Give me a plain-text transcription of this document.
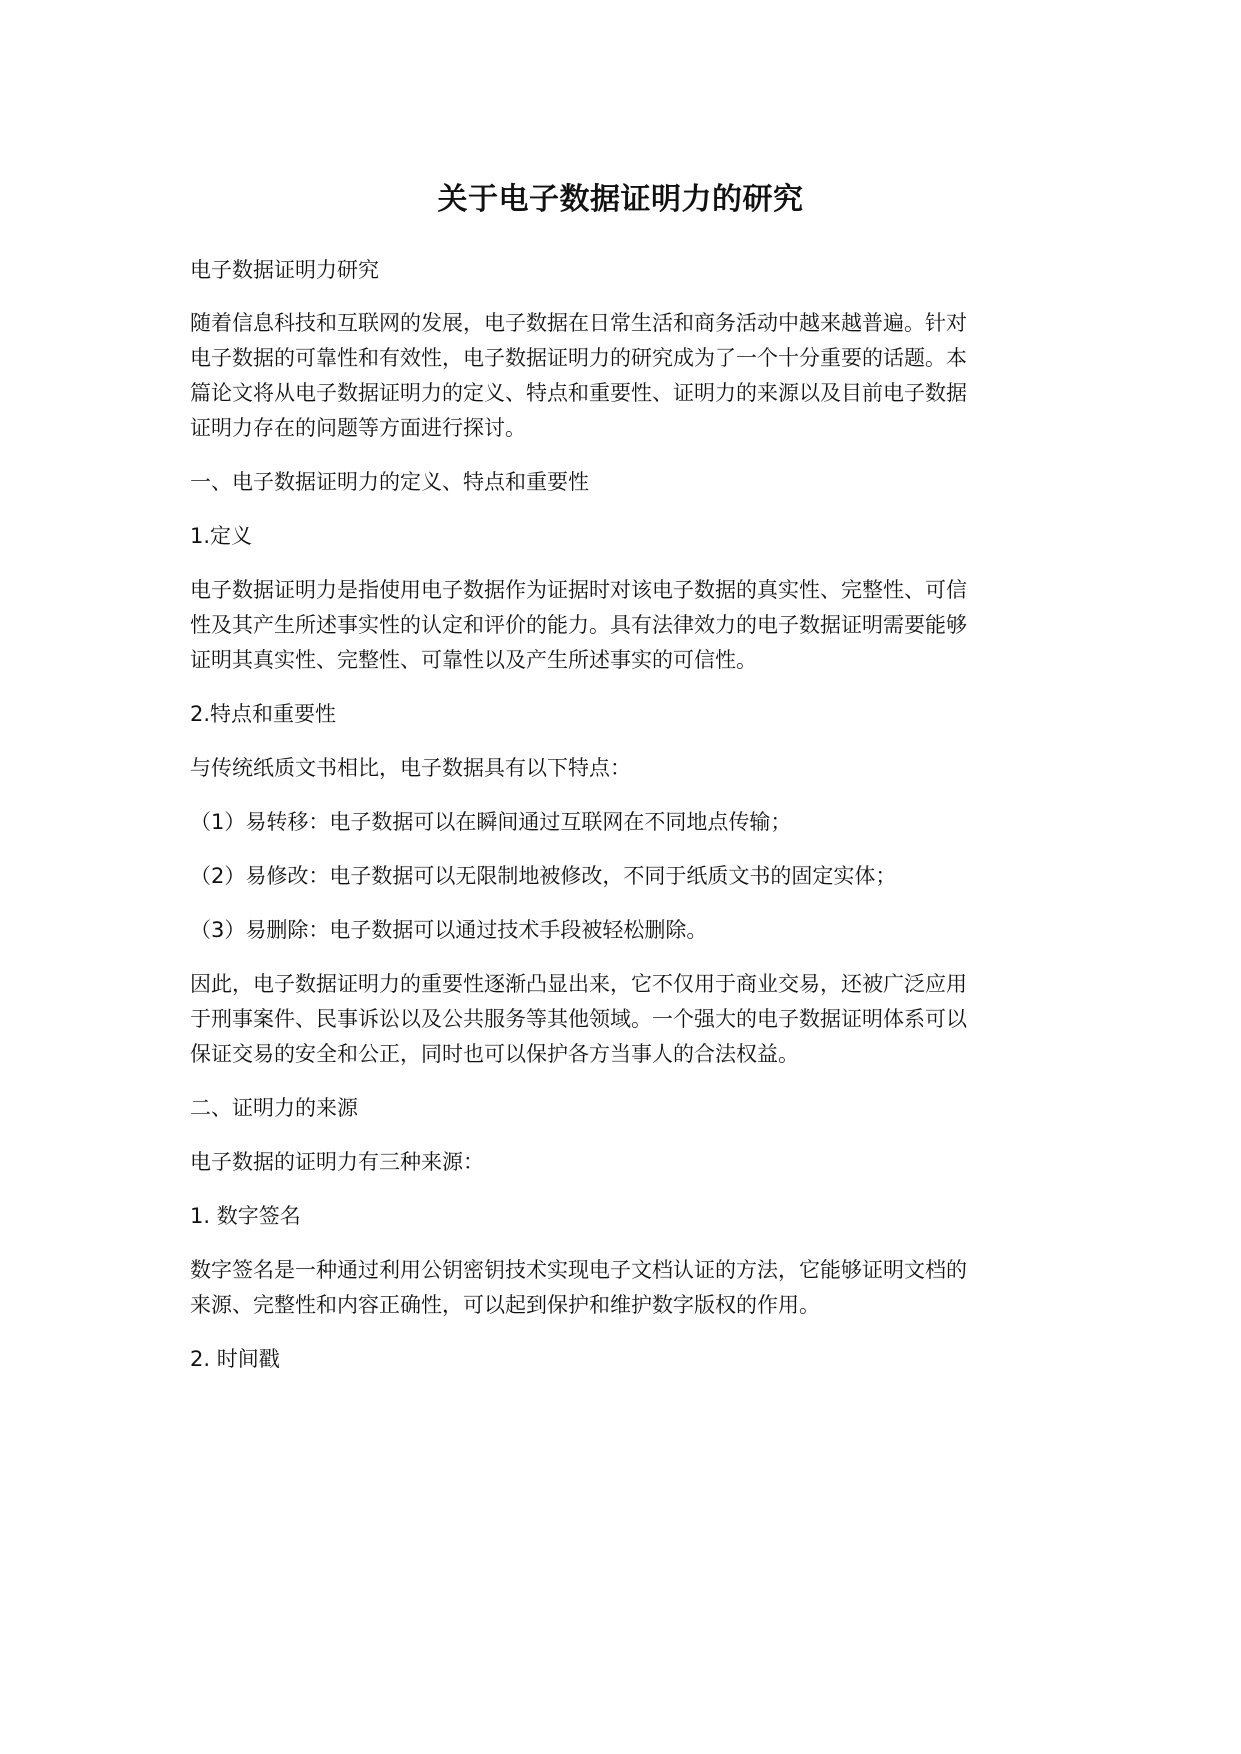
关于电子数据证明力的研究
电子数据证明力研究
随着信息科技和互联网的发展，电子数据在日常生活和商务活动中越来越普遍。针对
电子数据的可靠性和有效性，电子数据证明力的研究成为了一个十分重要的话题。本
篇论文将从电子数据证明力的定义、特点和重要性、证明力的来源以及目前电子数据
证明力存在的问题等方面进行探讨。
一、电子数据证明力的定义、特点和重要性
1.定义
电子数据证明力是指使用电子数据作为证据时对该电子数据的真实性、完整性、可信
性及其产生所述事实性的认定和评价的能力。具有法律效力的电子数据证明需要能够
证明其真实性、完整性、可靠性以及产生所述事实的可信性。
2.特点和重要性
与传统纸质文书相比，电子数据具有以下特点：
（1）易转移：电子数据可以在瞬间通过互联网在不同地点传输；
（2）易修改：电子数据可以无限制地被修改，不同于纸质文书的固定实体；
（3）易删除：电子数据可以通过技术手段被轻松删除。
因此，电子数据证明力的重要性逐渐凸显出来，它不仅用于商业交易，还被广泛应用
于刑事案件、民事诉讼以及公共服务等其他领域。一个强大的电子数据证明体系可以
保证交易的安全和公正，同时也可以保护各方当事人的合法权益。
二、证明力的来源
电子数据的证明力有三种来源：
1. 数字签名
数字签名是一种通过利用公钥密钥技术实现电子文档认证的方法，它能够证明文档的
来源、完整性和内容正确性，可以起到保护和维护数字版权的作用。
2. 时间戳
